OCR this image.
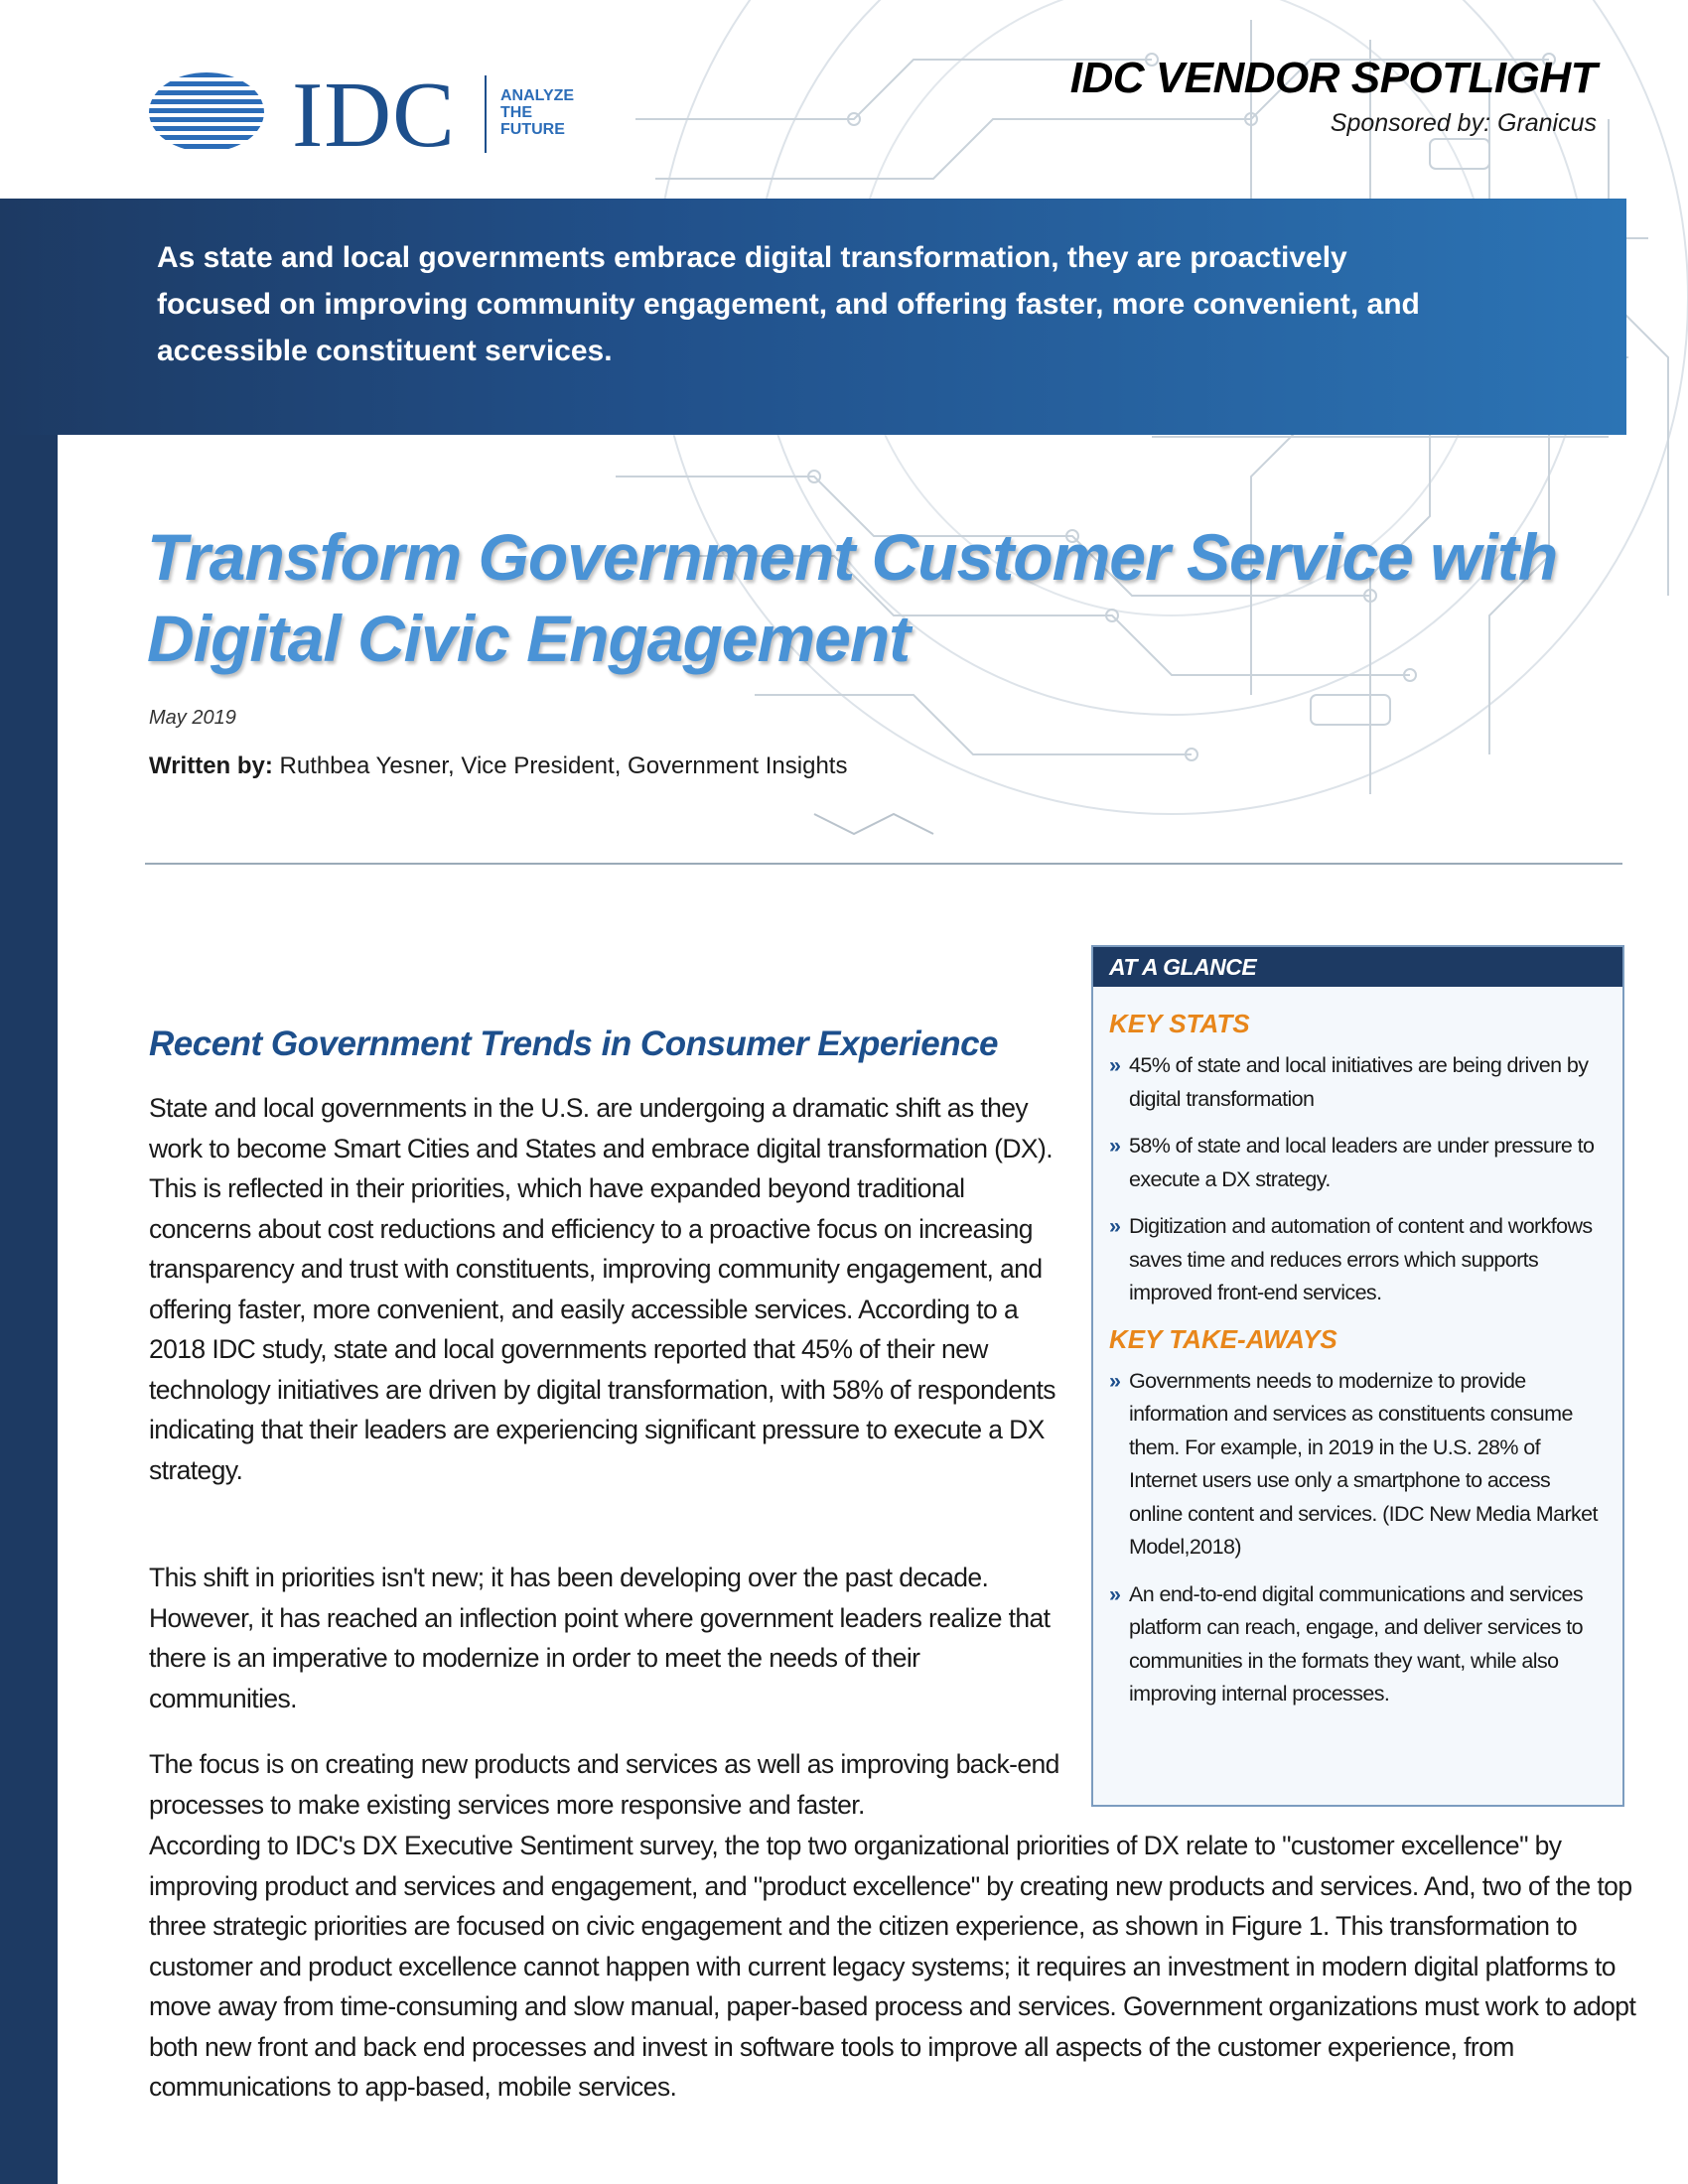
IDC	ANALYZE THE FUTURE
IDC VENDOR SPOTLIGHT
Sponsored by: Granicus
As state and local governments embrace digital transformation, they are proactively focused on improving community engagement, and offering faster, more convenient, and accessible constituent services.
Transform Government Customer Service with Digital Civic Engagement
May 2019
Written by: Ruthbea Yesner, Vice President, Government Insights
Recent Government Trends in Consumer Experience
State and local governments in the U.S. are undergoing a dramatic shift as they work to become Smart Cities and States and embrace digital transformation (DX). This is reflected in their priorities, which have expanded beyond traditional concerns about cost reductions and efficiency to a proactive focus on increasing transparency and trust with constituents, improving community engagement, and offering faster, more convenient, and easily accessible services. According to a 2018 IDC study, state and local governments reported that 45% of their new technology initiatives are driven by digital transformation, with 58% of respondents indicating that their leaders are experiencing significant pressure to execute a DX strategy.
This shift in priorities isn't new; it has been developing over the past decade. However, it has reached an inflection point where government leaders realize that there is an imperative to modernize in order to meet the needs of their communities.
The focus is on creating new products and services as well as improving back-end processes to make existing services more responsive and faster.
According to IDC's DX Executive Sentiment survey, the top two organizational priorities of DX relate to "customer excellence" by improving product and services and engagement, and "product excellence" by creating new products and services. And, two of the top three strategic priorities are focused on civic engagement and the citizen experience, as shown in Figure 1. This transformation to customer and product excellence cannot happen with current legacy systems; it requires an investment in modern digital platforms to move away from time-consuming and slow manual, paper-based process and services. Government organizations must work to adopt both new front and back end processes and invest in software tools to improve all aspects of the customer experience, from communications to app-based, mobile services.
AT A GLANCE
KEY STATS
» 45% of state and local initiatives are being driven by digital transformation
» 58% of state and local leaders are under pressure to execute a DX strategy.
» Digitization and automation of content and workfows saves time and reduces errors which supports improved front-end services.
KEY TAKE-AWAYS
» Governments needs to modernize to provide information and services as constituents consume them. For example, in 2019 in the U.S. 28% of Internet users use only a smartphone to access online content and services. (IDC New Media Market Model,2018)
» An end-to-end digital communications and services platform can reach, engage, and deliver services to communities in the formats they want, while also improving internal processes.
